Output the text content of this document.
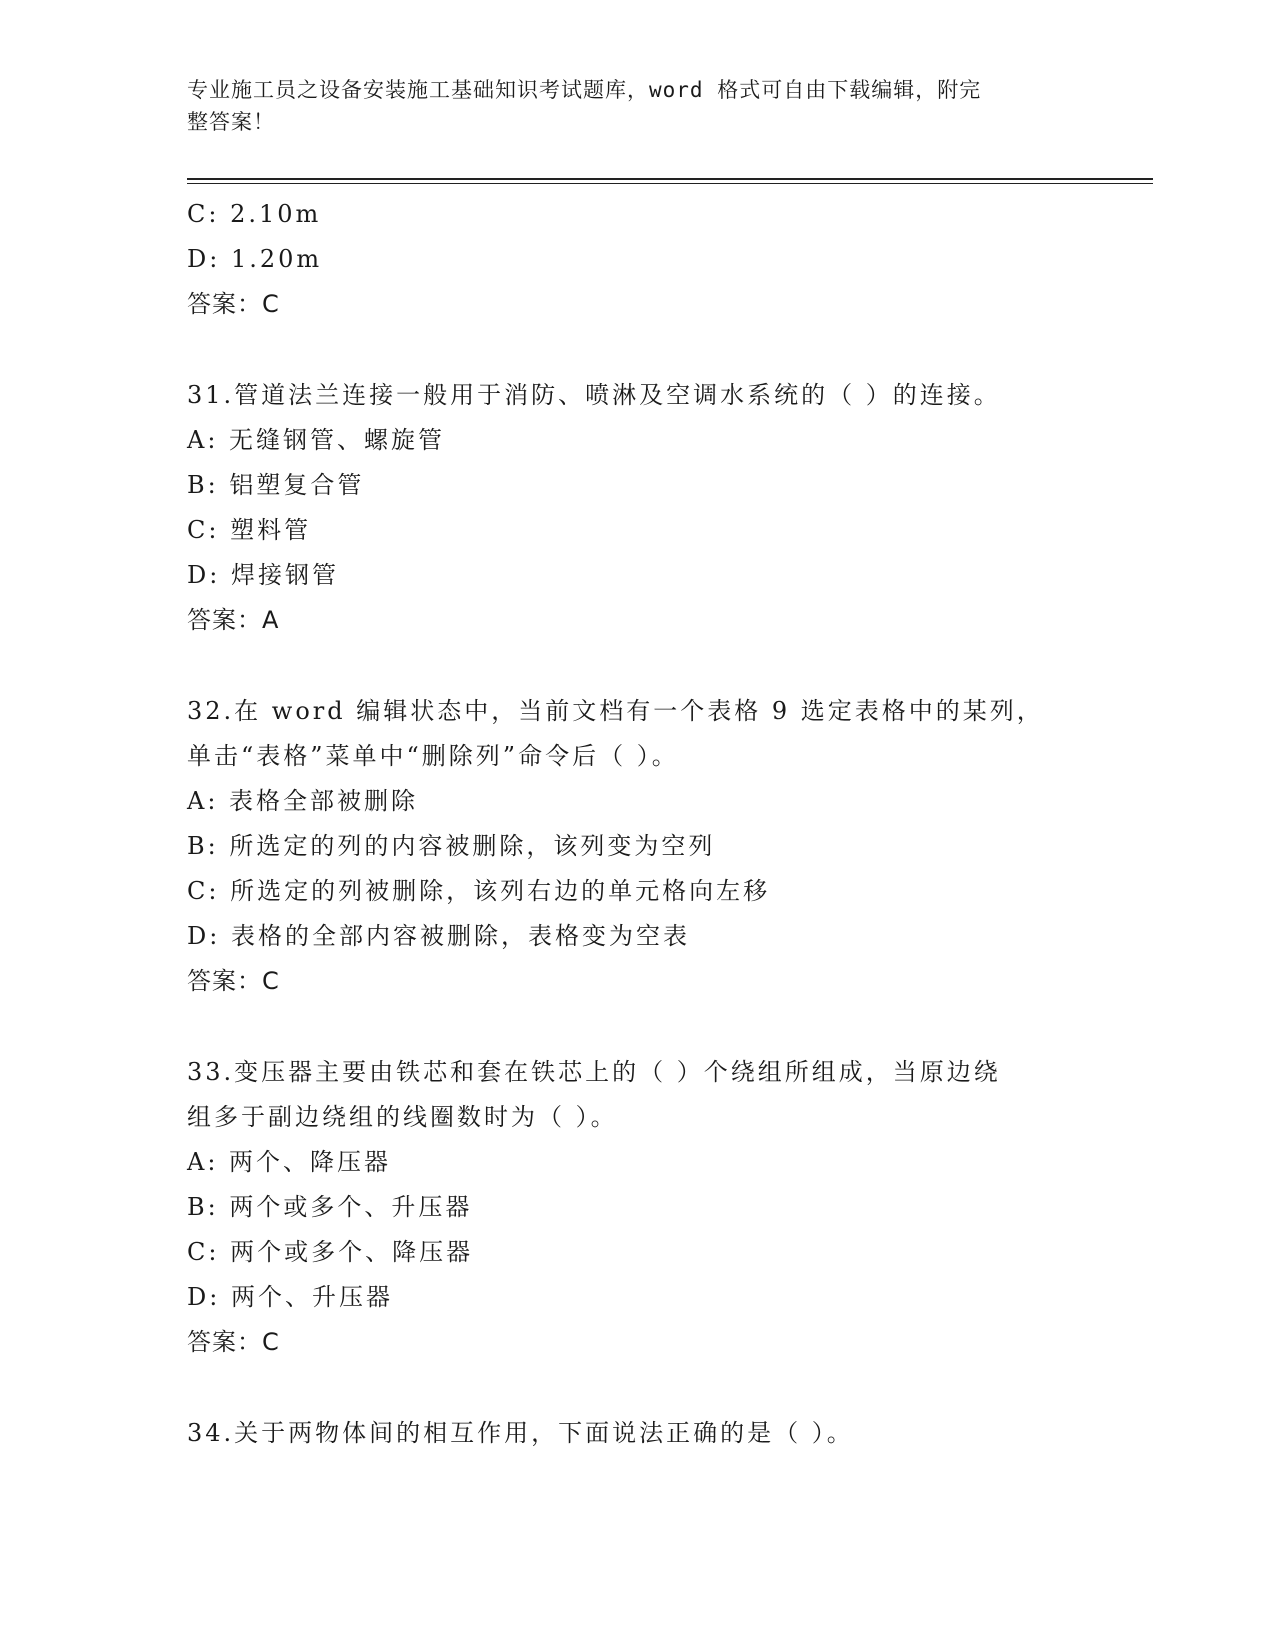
专业施工员之设备安装施工基础知识考试题库，word 格式可自由下载编辑，附完
整答案！
C: 2.10m
D: 1.20m
答案：C
31.管道法兰连接一般用于消防、喷淋及空调水系统的（ ）的连接。
A: 无缝钢管、螺旋管
B: 铝塑复合管
C: 塑料管
D: 焊接钢管
答案：A
32.在 word 编辑状态中，当前文档有一个表格 9 选定表格中的某列，
单击“表格”菜单中“删除列”命令后（ ）。
A: 表格全部被删除
B: 所选定的列的内容被删除，该列变为空列
C: 所选定的列被删除，该列右边的单元格向左移
D: 表格的全部内容被删除，表格变为空表
答案：C
33.变压器主要由铁芯和套在铁芯上的（ ）个绕组所组成，当原边绕
组多于副边绕组的线圈数时为（ ）。
A: 两个、降压器
B: 两个或多个、升压器
C: 两个或多个、降压器
D: 两个、升压器
答案：C
34.关于两物体间的相互作用，下面说法正确的是（ ）。
